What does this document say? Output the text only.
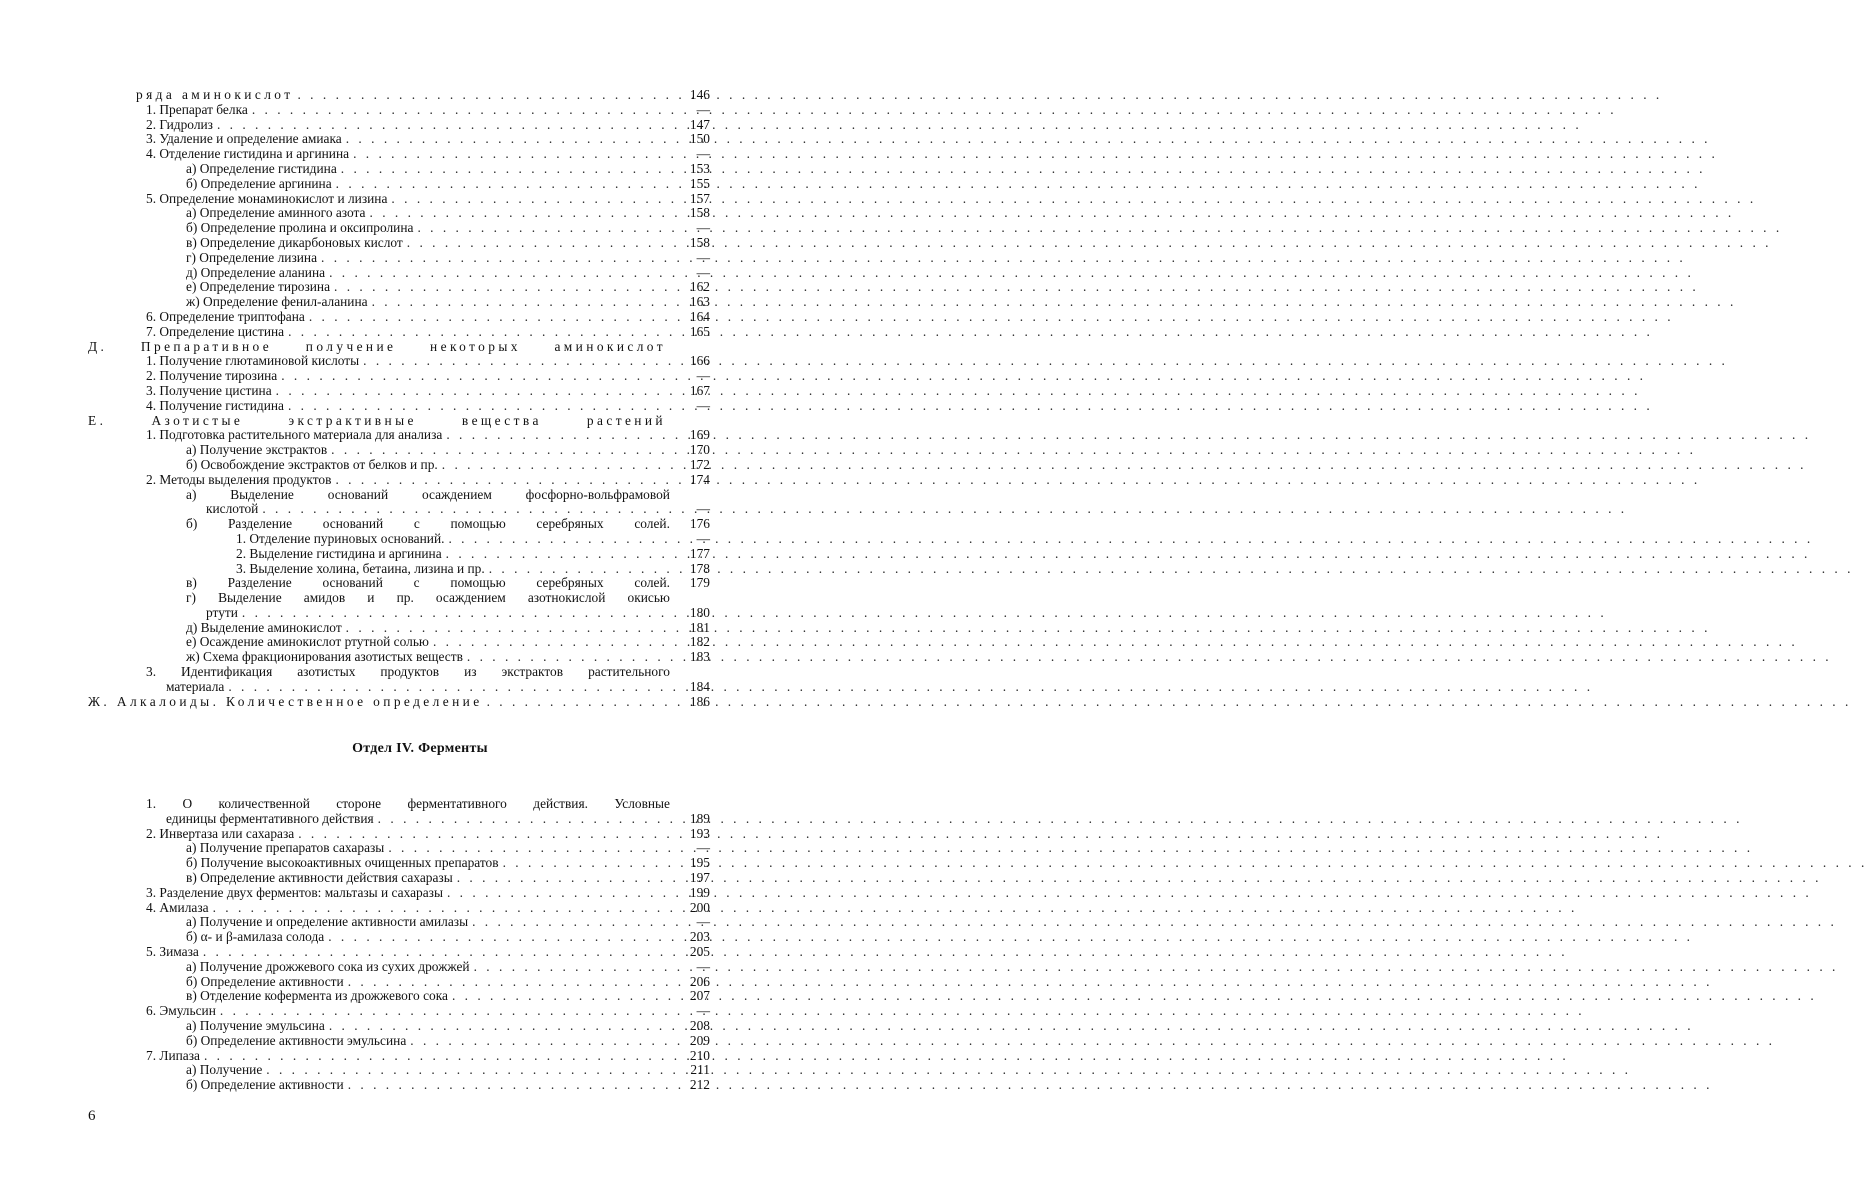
ряда аминокислот . . .	146
1. Препарат белка . . .	—
2. Гидролиз . . .	147
3. Удаление и определение амиака . . .	150
4. Отделение гистидина и аргинина . . .	—
а) Определение гистидина . . .	153
б) Определение аргинина . . .	155
5. Определение монаминокислот и лизина . . .	157
а) Определение аминного азота . . .	158
б) Определение пролина и оксипролина . . .	—
в) Определение дикарбоновых кислот . . .	158
г) Определение лизина . . .	—
д) Определение аланина . . .	—
е) Определение тирозина . . .	162
ж) Определение фенил-аланина . . .	163
6. Определение триптофана . . .	164
7. Определение цистина . . .	165
Д.	Препаративное	получение	некоторых	аминокислот
1. Получение глютаминовой кислоты . . .	166
2. Получение тирозина . . .	—
3. Получение цистина . . .	167
4. Получение гистидина . . .	—
Е.	Азотистые	экстрактивные	вещества	растений
1. Подготовка растительного материала для анализа . . .	169
а) Получение экстрактов . . .	170
б) Освобождение экстрактов от белков и пр. . . .	172
2. Методы выделения продуктов . . .	174
а)	Выделение	оснований	осаждением	фосфорно-вольфрамовой
кислотой . . .	—
б) Разделение оснований с помощью серебряных солей.	176
1. Отделение пуриновых оснований. . . .	—
2. Выделение гистидина и аргинина . . .	177
3. Выделение холина, бетаина, лизина и пр. . . .	178
в) Разделение оснований с помощью серебряных солей.	179
г) Выделение амидов и пр. осаждением азотнокислой окисью
ртути . . .	180
д) Выделение аминокислот . . .	181
е) Осаждение аминокислот ртутной солью . . .	182
ж) Схема фракционирования азотистых веществ . . .	183
3. Идентификация азотистых продуктов из экстрактов растительного
материала . . .	184
Ж. Алкалоиды. Количественное определение . . .	186
Отдел IV. Ферменты
1. О количественной стороне ферментативного действия. Условные
единицы ферментативного действия . . .	189
2. Инвертаза или сахараза . . .	193
а) Получение препаратов сахаразы . . .	—
б) Получение высокоактивных очищенных препаратов . . .	195
в) Определение активности действия сахаразы . . .	197
3. Разделение двух ферментов: мальтазы и сахаразы . . .	199
4. Амилаза . . .	200
а) Получение и определение активности амилазы . . .	—
б) α- и β-амилаза солода . . .	203
5. Зимаза . . .	205
а) Получение дрожжевого сока из сухих дрожжей . . .	—
б) Определение активности . . .	206
в) Отделение кофермента из дрожжевого сока . . .	207
6. Эмульсин . . .	—
а) Получение эмульсина . . .	208
б) Определение активности эмульсина . . .	209
7. Липаза . . .	210
а) Получение . . .	211
б) Определение активности . . .	212
6
